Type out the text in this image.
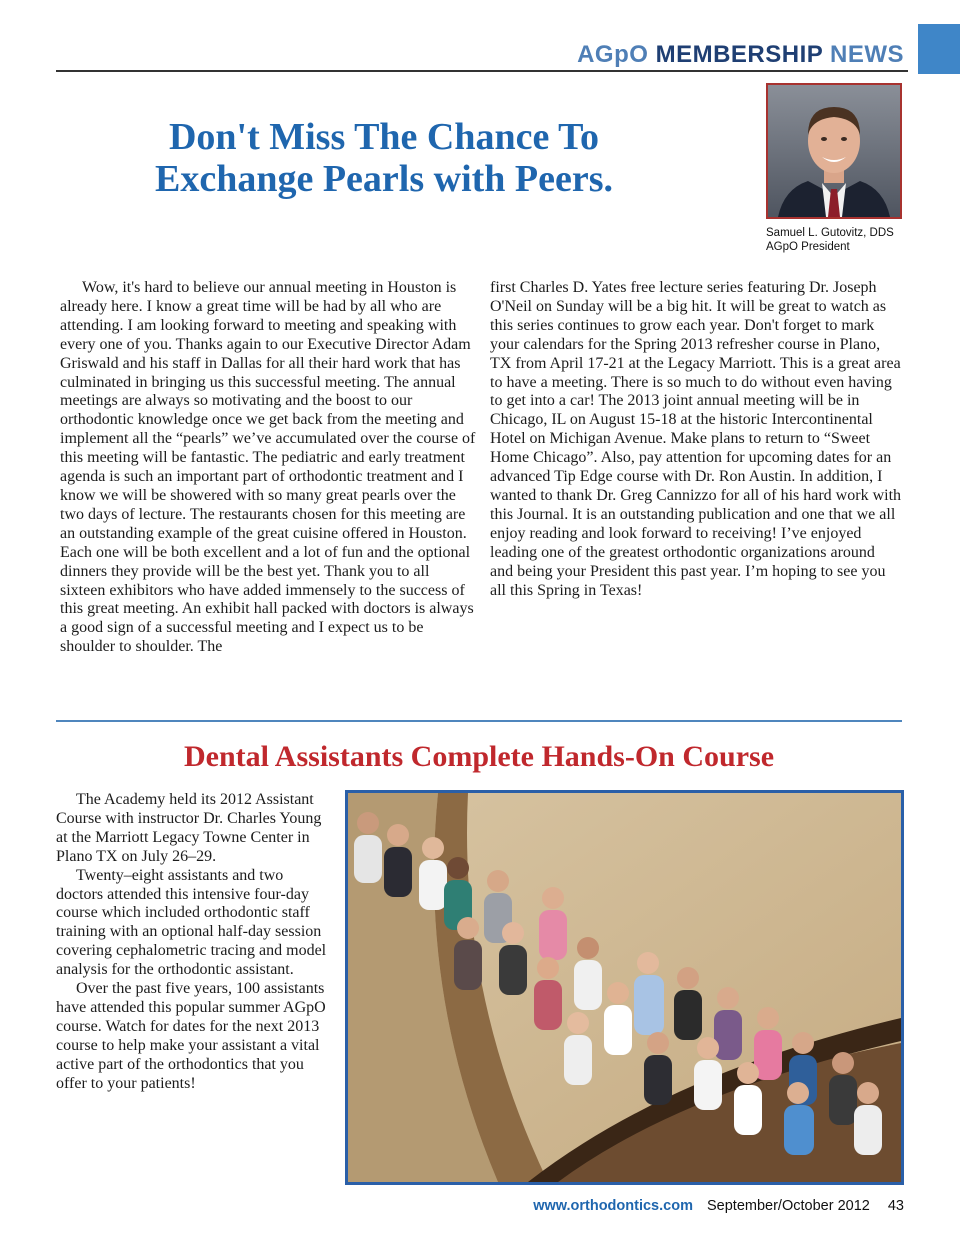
AGpO MEMBERSHIP NEWS
Don't Miss The Chance To
Exchange Pearls with Peers.
Samuel L. Gutovitz, DDS
AGpO President

Wow, it's hard to believe our annual meeting in Houston is already here. I know a great time will be had by all who are attending. I am looking forward to meeting and speaking with every one of you. Thanks again to our Executive Director Adam Griswald and his staff in Dallas for all their hard work that has culminated in bringing us this successful meeting. The annual meetings are always so motivating and the boost to our orthodontic knowledge once we get back from the meeting and implement all the “pearls” we’ve accumulated over the course of this meeting will be fantastic. The pediatric and early treatment agenda is such an important part of orthodontic treatment and I know we will be showered with so many great pearls over the two days of lecture. The restaurants chosen for this meeting are an outstanding example of the great cuisine offered in Houston. Each one will be both excellent and a lot of fun and the optional dinners they provide will be the best yet. Thank you to all sixteen exhibitors who have added immensely to the success of this great meeting. An exhibit hall packed with doctors is always a good sign of a successful meeting and I expect us to be shoulder to shoulder. The

first Charles D. Yates free lecture series featuring Dr. Joseph O'Neil on Sunday will be a big hit. It will be great to watch as this series continues to grow each year. Don't forget to mark your calendars for the Spring 2013 refresher course in Plano, TX from April 17-21 at the Legacy Marriott. This is a great area to have a meeting. There is so much to do without even having to get into a car! The 2013 joint annual meeting will be in Chicago, IL on August 15-18 at the historic Intercontinental Hotel on Michigan Avenue. Make plans to return to “Sweet Home Chicago”. Also, pay attention for upcoming dates for an advanced Tip Edge course with Dr. Ron Austin. In addition, I wanted to thank Dr. Greg Cannizzo for all of his hard work with this Journal. It is an outstanding publication and one that we all enjoy reading and look forward to receiving! I’ve enjoyed leading one of the greatest orthodontic organizations around and being your President this past year. I’m hoping to see you all this Spring in Texas!

Dental Assistants Complete Hands-On Course

The Academy held its 2012 Assistant Course with instructor Dr. Charles Young at the Marriott Legacy Towne Center in Plano TX on July 26–29.

Twenty–eight assistants and two doctors attended this intensive four-day course which included orthodontic staff training with an optional half-day session covering cephalometric tracing and model analysis for the orthodontic assistant.

Over the past five years, 100 assistants have attended this popular summer AGpO course. Watch for dates for the next 2013 course to help make your assistant a vital active part of the orthodontics that you offer to your patients!

www.orthodontics.com September/October 2012 43
